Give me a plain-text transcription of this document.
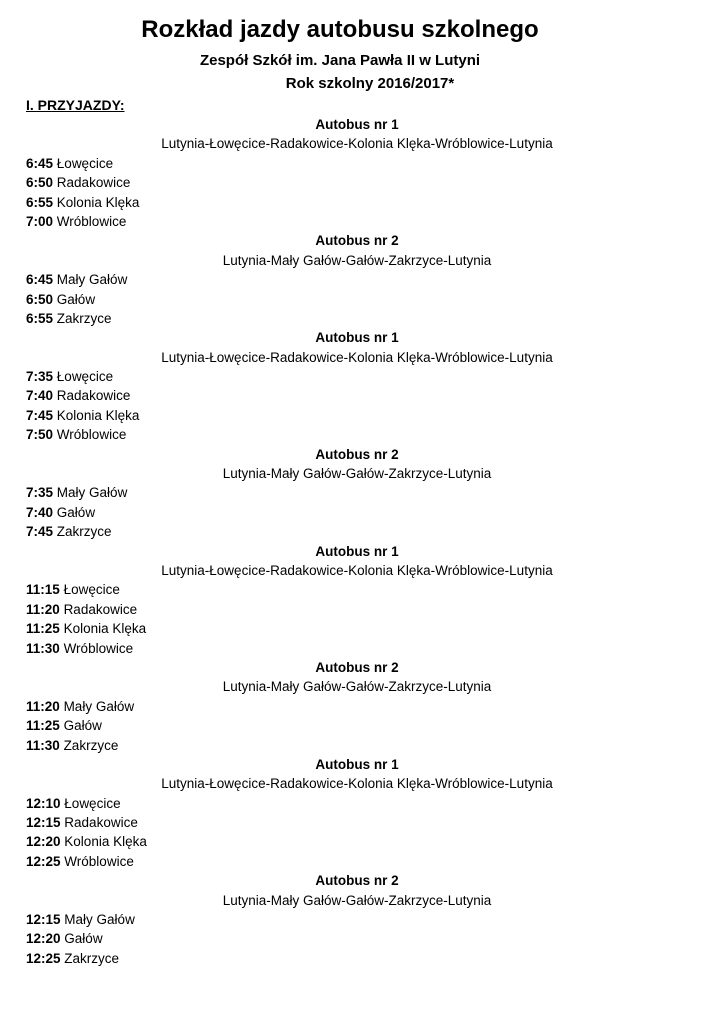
Rozkład jazdy autobusu szkolnego
Zespół Szkół im. Jana Pawła II w Lutyni
Rok szkolny 2016/2017*
I. PRZYJAZDY:
Autobus nr 1
Lutynia-Łowęcice-Radakowice-Kolonia Klęka-Wróblowice-Lutynia
6:45 Łowęcice
6:50 Radakowice
6:55 Kolonia Klęka
7:00 Wróblowice
Autobus nr 2
Lutynia-Mały Gałów-Gałów-Zakrzyce-Lutynia
6:45 Mały Gałów
6:50 Gałów
6:55 Zakrzyce
Autobus nr 1
Lutynia-Łowęcice-Radakowice-Kolonia Klęka-Wróblowice-Lutynia
7:35 Łowęcice
7:40 Radakowice
7:45 Kolonia Klęka
7:50 Wróblowice
Autobus nr 2
Lutynia-Mały Gałów-Gałów-Zakrzyce-Lutynia
7:35 Mały Gałów
7:40 Gałów
7:45 Zakrzyce
Autobus nr 1
Lutynia-Łowęcice-Radakowice-Kolonia Klęka-Wróblowice-Lutynia
11:15 Łowęcice
11:20 Radakowice
11:25 Kolonia Klęka
11:30 Wróblowice
Autobus nr 2
Lutynia-Mały Gałów-Gałów-Zakrzyce-Lutynia
11:20 Mały Gałów
11:25 Gałów
11:30 Zakrzyce
Autobus nr 1
Lutynia-Łowęcice-Radakowice-Kolonia Klęka-Wróblowice-Lutynia
12:10 Łowęcice
12:15 Radakowice
12:20 Kolonia Klęka
12:25 Wróblowice
Autobus nr 2
Lutynia-Mały Gałów-Gałów-Zakrzyce-Lutynia
12:15 Mały Gałów
12:20 Gałów
12:25 Zakrzyce
